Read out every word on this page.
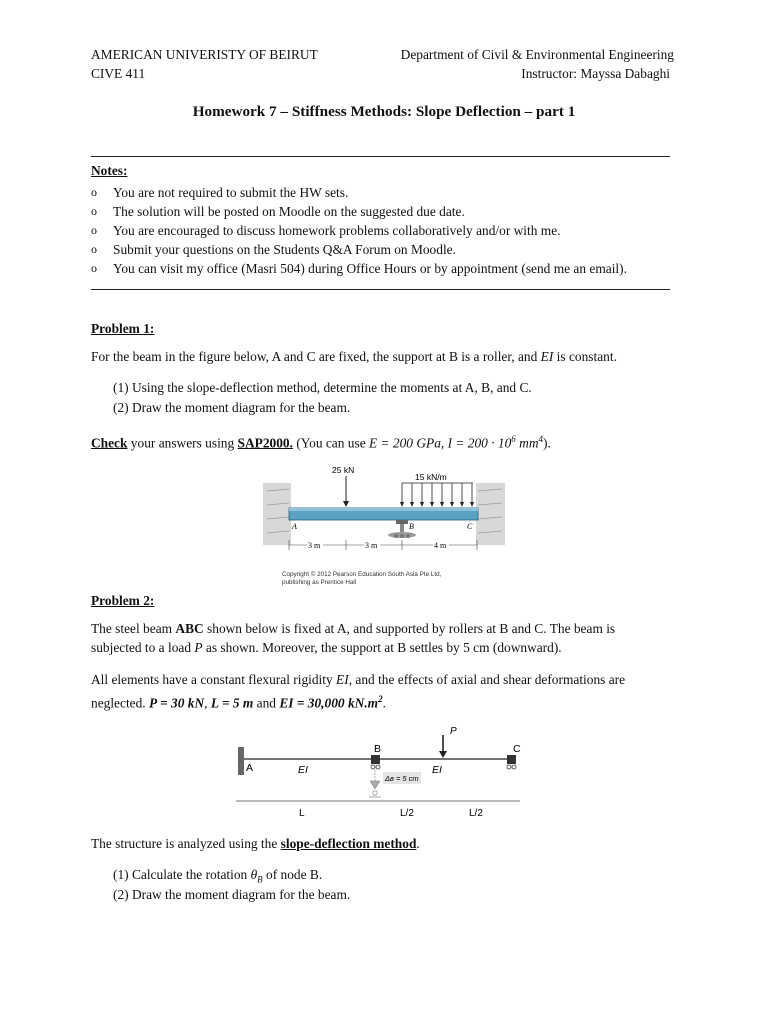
AMERICAN UNIVERISTY OF BEIRUT
CIVE 411
Department of Civil & Environmental Engineering
Instructor: Mayssa Dabaghi
Homework 7 – Stiffness Methods: Slope Deflection – part 1
Notes:
o You are not required to submit the HW sets.
o The solution will be posted on Moodle on the suggested due date.
o You are encouraged to discuss homework problems collaboratively and/or with me.
o Submit your questions on the Students Q&A Forum on Moodle.
o You can visit my office (Masri 504) during Office Hours or by appointment (send me an email).
Problem 1:
For the beam in the figure below, A and C are fixed, the support at B is a roller, and EI is constant.
(1) Using the slope-deflection method, determine the moments at A, B, and C.
(2) Draw the moment diagram for the beam.
Check your answers using SAP2000. (You can use E = 200 GPa, $I = 200 \cdot 10^6$ $mm^4$).
25 kN
15 kN/m
A	B	C
3 m	3 m	4 m
Copyright © 2012 Pearson Education South Asia Pte Ltd,
publishing as Prentice Hall
Problem 2:
The steel beam ABC shown below is fixed at A, and supported by rollers at B and C. The beam is
subjected to a load P as shown. Moreover, the support at B settles by 5 cm (downward).
All elements have a constant flexural rigidity EI, and the effects of axial and shear deformations are
neglected. P = 30 kN, L = 5 m and EI = 30,000 $kN.m^2$.
P
Δʙ = 5 cm
A
B	C
EI	EI
L	L/2	L/2
The structure is analyzed using the slope-deflection method.
(1) Calculate the rotation $\theta_B$ of node B.
(2) Draw the moment diagram for the beam.
